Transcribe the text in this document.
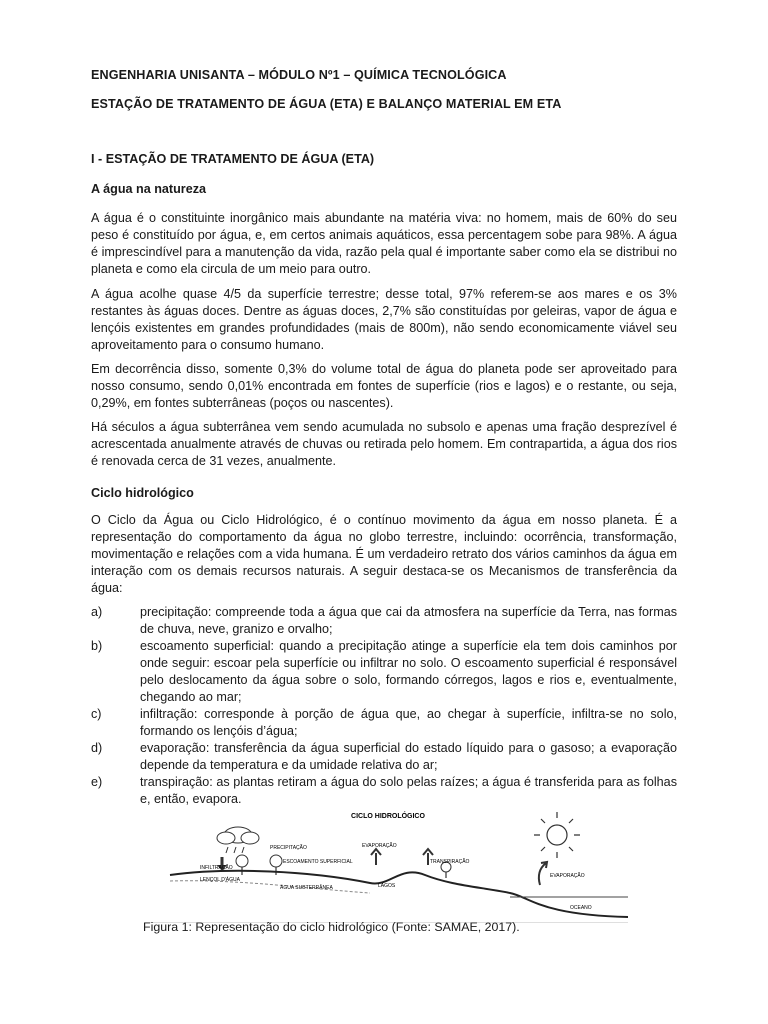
ENGENHARIA UNISANTA – MÓDULO Nº1 – QUÍMICA TECNOLÓGICA

ESTAÇÃO DE TRATAMENTO DE ÁGUA (ETA) E BALANÇO MATERIAL EM ETA

I - ESTAÇÃO DE TRATAMENTO DE ÁGUA (ETA)

A água na natureza

A água é o constituinte inorgânico mais abundante na matéria viva: no homem, mais de 60% do seu peso é constituído por água, e, em certos animais aquáticos, essa percentagem sobe para 98%. A água é imprescindível para a manutenção da vida, razão pela qual é importante saber como ela se distribui no planeta e como ela circula de um meio para outro.

A água acolhe quase 4/5 da superfície terrestre; desse total, 97% referem-se aos mares e os 3% restantes às águas doces. Dentre as águas doces, 2,7% são constituídas por geleiras, vapor de água e lençóis existentes em grandes profundidades (mais de 800m), não sendo economicamente viável seu aproveitamento para o consumo humano.

Em decorrência disso, somente 0,3% do volume total de água do planeta pode ser aproveitado para nosso consumo, sendo 0,01% encontrada em fontes de superfície (rios e lagos) e o restante, ou seja, 0,29%, em fontes subterrâneas (poços ou nascentes).

Há séculos a água subterrânea vem sendo acumulada no subsolo e apenas uma fração desprezível é acrescentada anualmente através de chuvas ou retirada pelo homem. Em contrapartida, a água dos rios é renovada cerca de 31 vezes, anualmente.

Ciclo hidrológico

O Ciclo da Água ou Ciclo Hidrológico, é o contínuo movimento da água em nosso planeta. É a representação do comportamento da água no globo terrestre, incluindo: ocorrência, transformação, movimentação e relações com a vida humana. É um verdadeiro retrato dos vários caminhos da água em interação com os demais recursos naturais. A seguir destaca-se os Mecanismos de transferência da água:

a)	precipitação: compreende toda a água que cai da atmosfera na superfície da Terra, nas formas de chuva, neve, granizo e orvalho;
b)	escoamento superficial: quando a precipitação atinge a superfície ela tem dois caminhos por onde seguir: escoar pela superfície ou infiltrar no solo. O escoamento superficial é responsável pelo deslocamento da água sobre o solo, formando córregos, lagos e rios e, eventualmente, chegando ao mar;
c)	infiltração: corresponde à porção de água que, ao chegar à superfície, infiltra-se no solo, formando os lençóis d’água;
d)	evaporação: transferência da água superficial do estado líquido para o gasoso; a evaporação depende da temperatura e da umidade relativa do ar;
e)	transpiração: as plantas retiram a água do solo pelas raízes; a água é transferida para as folhas e, então, evapora.
CICLO HIDROLÓGICO
PRECIPITAÇÃO
ESCOAMENTO SUPERFICIAL
INFILTRAÇÃO
LENÇOL D'ÁGUA
ÁGUA SUBTERRÂNEA
EVAPORAÇÃO
TRANSPIRAÇÃO
LAGOS
EVAPORAÇÃO
OCEANO

Figura 1: Representação do ciclo hidrológico (Fonte: SAMAE, 2017).
